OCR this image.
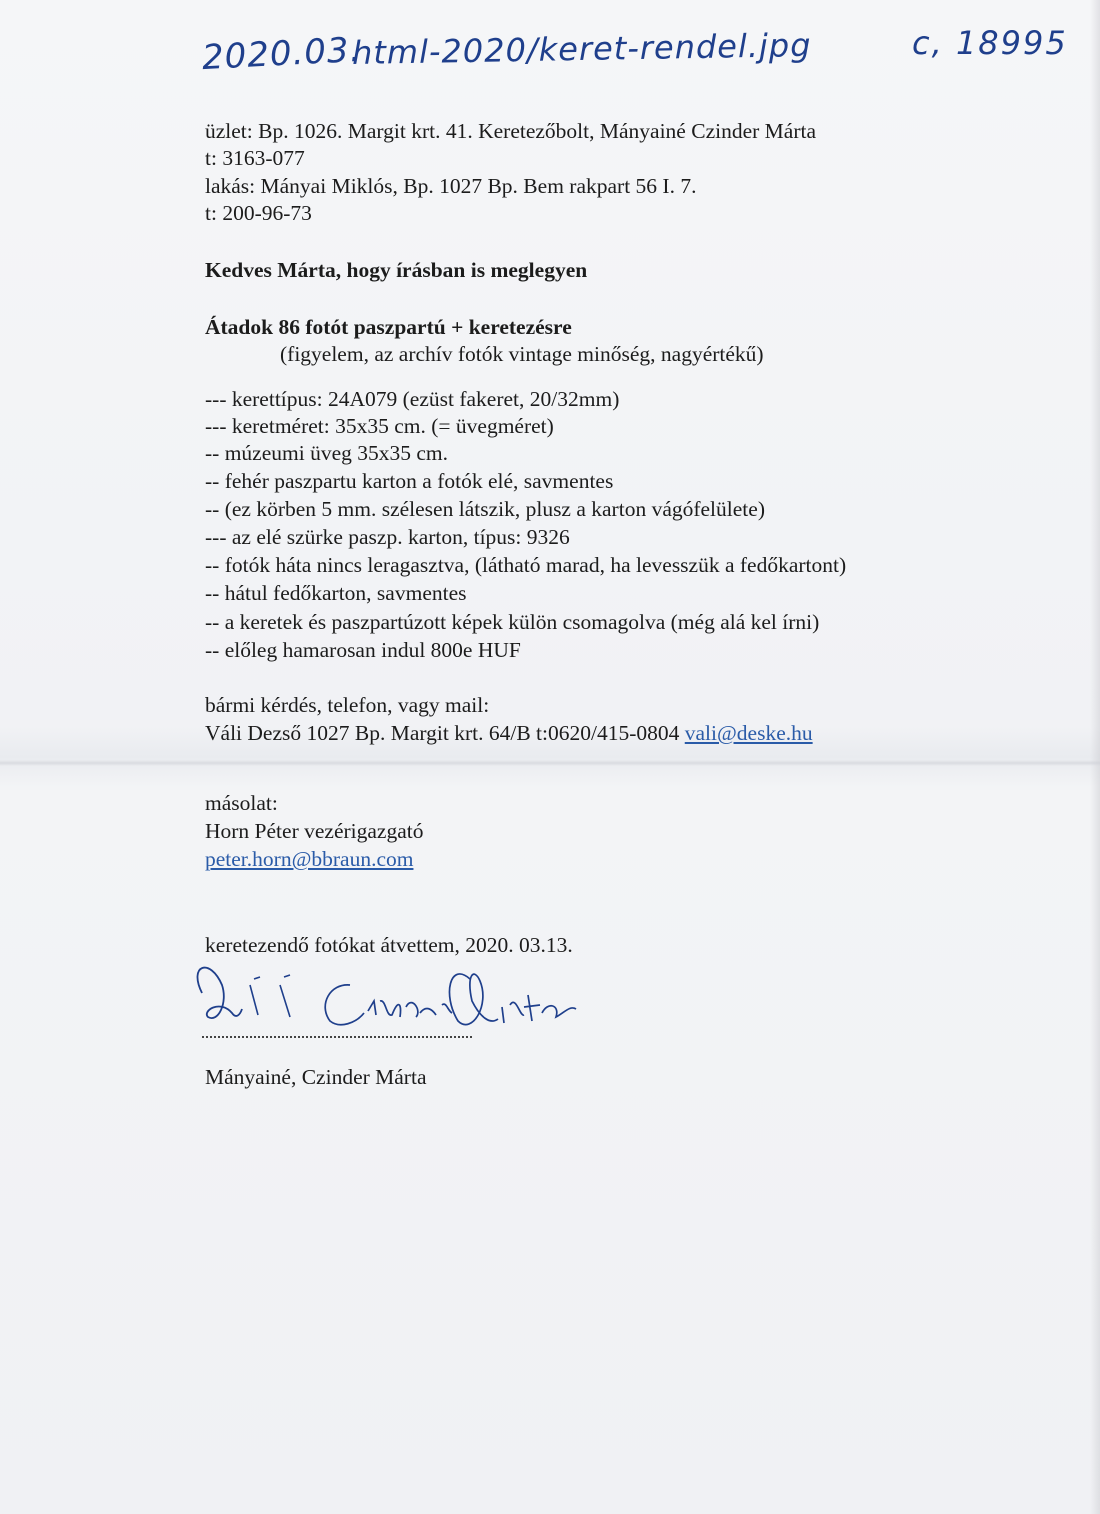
2020.03.
html-2020/keret-rendel.jpg	c, 18995
üzlet: Bp. 1026. Margit krt. 41. Keretezőbolt, Mányainé Czinder Márta
t: 3163-077
lakás: Mányai Miklós, Bp. 1027 Bp. Bem rakpart 56 I. 7.
t: 200-96-73
Kedves Márta, hogy írásban is meglegyen
Átadok 86 fotót paszpartú + keretezésre
(figyelem, az archív fotók vintage minőség, nagyértékű)
--- kerettípus: 24A079 (ezüst fakeret, 20/32mm)
--- keretméret: 35x35 cm. (= üvegméret)
-- múzeumi üveg 35x35 cm.
-- fehér paszpartu karton a fotók elé, savmentes
-- (ez körben 5 mm. szélesen látszik, plusz a karton vágófelülete)
--- az elé szürke paszp. karton, típus: 9326
-- fotók háta nincs leragasztva, (látható marad, ha levesszük a fedőkartont)
-- hátul fedőkarton, savmentes
-- a keretek és paszpartúzott képek külön csomagolva (még alá kel írni)
-- előleg hamarosan indul 800e HUF
bármi kérdés, telefon, vagy mail:
Váli Dezső 1027 Bp. Margit krt. 64/B t:0620/415-0804 vali@deske.hu
másolat:
Horn Péter vezérigazgató
peter.horn@bbraun.com
keretezendő fotókat átvettem, 2020. 03.13.
Mányainé, Czinder Márta
